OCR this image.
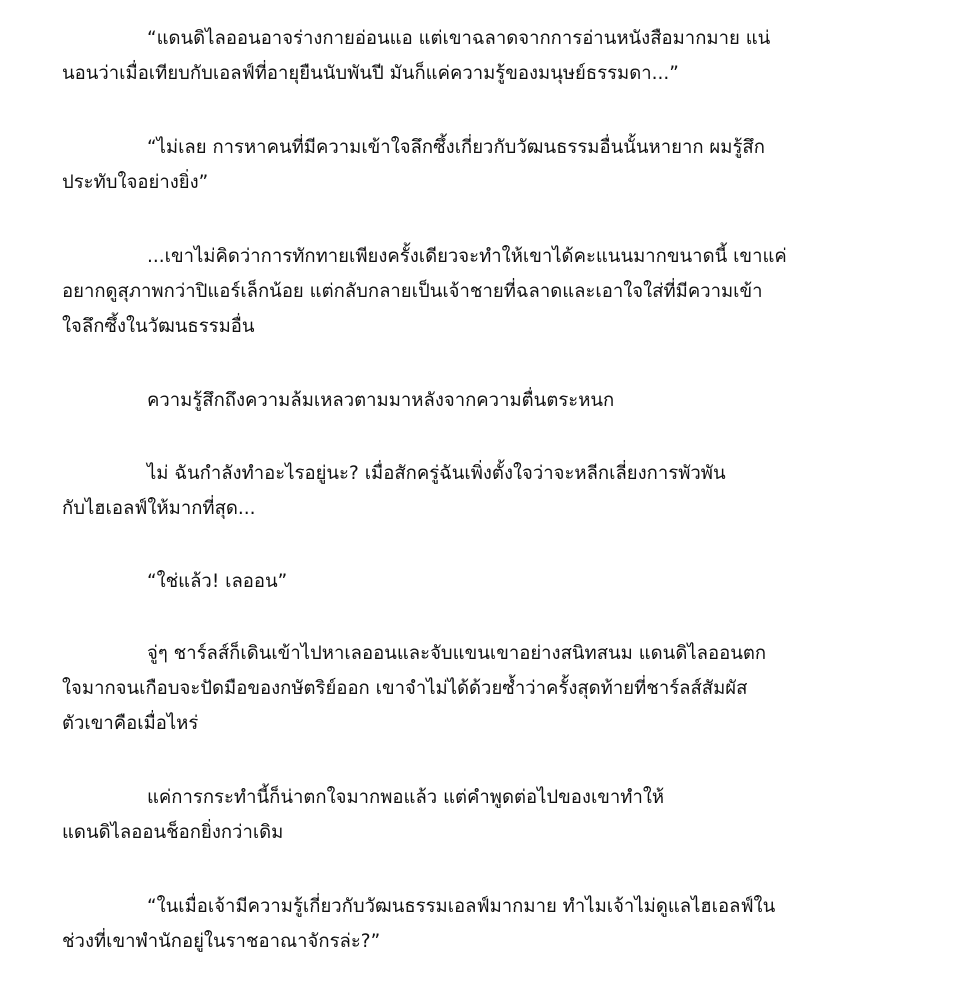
“แดนดิไลออนอาจร่างกายอ่อนแอ แต่เขาฉลาดจากการอ่านหนังสือมากมาย แน่
นอนว่าเมื่อเทียบกับเอลฟ์ที่อายุยืนนับพันปี มันก็แค่ความรู้ของมนุษย์ธรรมดา...”

“ไม่เลย การหาคนที่มีความเข้าใจลึกซึ้งเกี่ยวกับวัฒนธรรมอื่นนั้นหายาก ผมรู้สึก
ประทับใจอย่างยิ่ง”

...เขาไม่คิดว่าการทักทายเพียงครั้งเดียวจะทำให้เขาได้คะแนนมากขนาดนี้ เขาแค่
อยากดูสุภาพกว่าปิแอร์เล็กน้อย แต่กลับกลายเป็นเจ้าชายที่ฉลาดและเอาใจใส่ที่มีความเข้า
ใจลึกซึ้งในวัฒนธรรมอื่น

ความรู้สึกถึงความล้มเหลวตามมาหลังจากความตื่นตระหนก

ไม่ ฉันกำลังทำอะไรอยู่นะ? เมื่อสักครู่ฉันเพิ่งตั้งใจว่าจะหลีกเลี่ยงการพัวพัน
กับไฮเอลฟ์ให้มากที่สุด...

“ใช่แล้ว! เลออน”

จู่ๆ ชาร์ลส์ก็เดินเข้าไปหาเลออนและจับแขนเขาอย่างสนิทสนม แดนดิไลออนตก
ใจมากจนเกือบจะปัดมือของกษัตริย์ออก เขาจำไม่ได้ด้วยซ้ำว่าครั้งสุดท้ายที่ชาร์ลส์สัมผัส
ตัวเขาคือเมื่อไหร่

แค่การกระทำนี้ก็น่าตกใจมากพอแล้ว แต่คำพูดต่อไปของเขาทำให้
แดนดิไลออนช็อกยิ่งกว่าเดิม

“ในเมื่อเจ้ามีความรู้เกี่ยวกับวัฒนธรรมเอลฟ์มากมาย ทำไมเจ้าไม่ดูแลไฮเอลฟ์ใน
ช่วงที่เขาพำนักอยู่ในราชอาณาจักรล่ะ?”
